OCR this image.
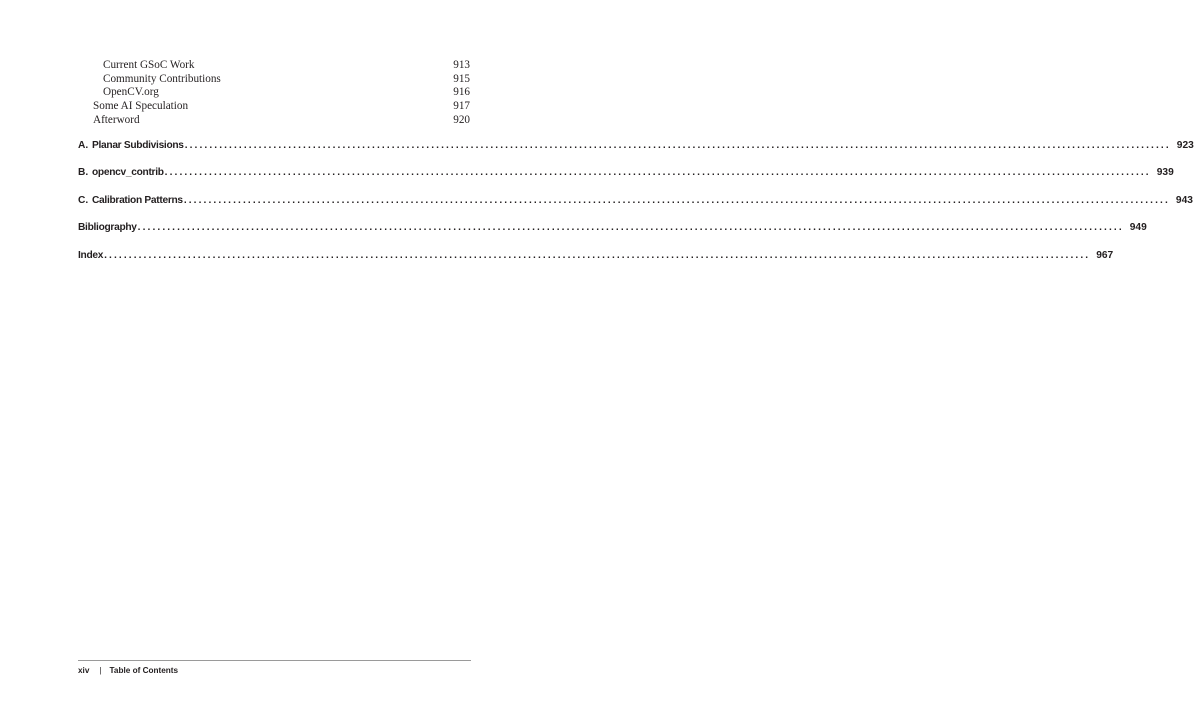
Current GSoC Work	913
Community Contributions	915
OpenCV.org	916
Some AI Speculation	917
Afterword	920
A. Planar Subdivisions ........................................................................................................................................................................................................ 923
B. opencv_contrib ........................................................................................................................................................................................................ 939
C. Calibration Patterns ........................................................................................................................................................................................................ 943
Bibliography ........................................................................................................................................................................................................ 949
Index ........................................................................................................................................................................................................ 967
xiv | Table of Contents
